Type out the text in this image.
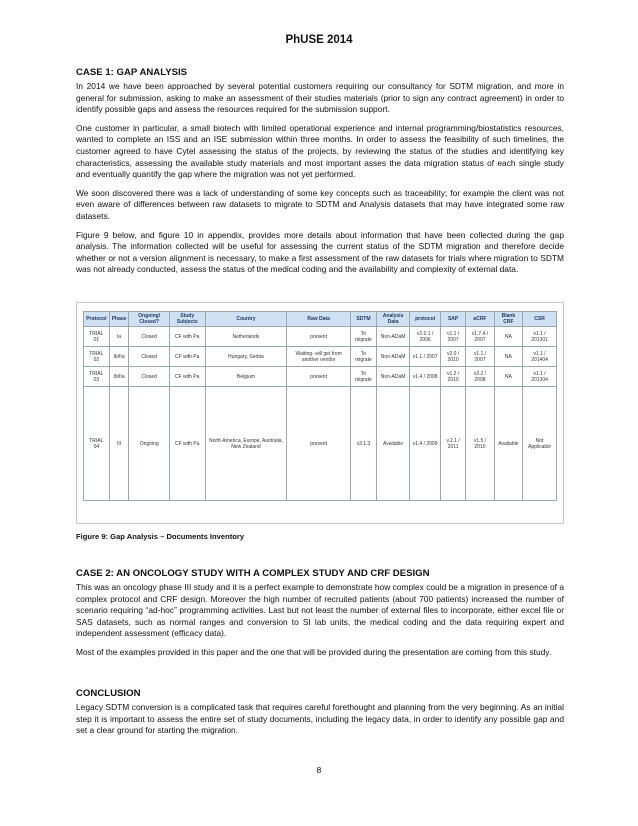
PhUSE 2014
CASE 1: GAP ANALYSIS

In 2014 we have been approached by several potential customers requiring our consultancy for SDTM migration, and more in general for submission, asking to make an assessment of their studies materials (prior to sign any contract agreement) in order to identify possible gaps and assess the resources required for the submission support.

One customer in particular, a small biotech with limited operational experience and internal programming/biostatistics resources, wanted to complete an ISS and an ISE submission within three months. In order to assess the feasibility of such timelines, the customer agreed to have Cytel assessing the status of the projects, by reviewing the status of the studies and identifying key characteristics, assessing the available study materials and most important asses the data migration status of each single study and eventually quantify the gap where the migration was not yet performed.

We soon discovered there was a lack of understanding of some key concepts such as traceability; for example the client was not even aware of differences between raw datasets to migrate to SDTM and Analysis datasets that may have integrated some raw datasets.

Figure 9 below, and figure 10 in appendix, provides more details about information that have been collected during the gap analysis. The information collected will be useful for assessing the current status of the SDTM migration and therefore decide whether or not a version alignment is necessary, to make a first assessment of the raw datasets for trials where migration to SDTM was not already conducted, assess the status of the medical coding and the availability and complexity of external data.

Protocol	Phase	Ongoing/ Closed?	Study Subjects	Country	Raw Data	SDTM	Analysis Data	protocol	SAP	aCRF	Blank CRF	CSR
TRIAL 01	Ia	Closed	CF with Pa	Netherlands	present	To migrate	Non-ADaM	v2.0.1 / 2006	v1.1 / 2007	v1.7.4 / 2007	NA	v1.1 / 201301
TRIAL 02	Ib/IIa	Closed	CF with Pa	Hungary, Serbia	Waiting- will get from another vendor	To migrate	Non-ADaM	v1.1 / 2007	v2.0 / 2010	v1.1 / 2007	NA	v1.1 / 201404
TRIAL 03	Ib/IIa	Closed	CF with Pa	Belgium	present	To migrate	Non-ADaM	v1.4 / 2008	v1.2 / 2010	v2.2 / 2008	NA	v1.1 / 201304
TRIAL 04	III	Ongoing	CF with Pa	North America, Europe, Australia, New Zealand	present	v3.1.3	Available	v1.4 / 2009	v.2.1 / 2011	v1.5 / 2010	Available	Not Applicable
Figure 9: Gap Analysis – Documents Inventory
CASE 2: AN ONCOLOGY STUDY WITH A COMPLEX STUDY AND CRF DESIGN

This was an oncology phase III study and it is a perfect example to demonstrate how complex could be a migration in presence of a complex protocol and CRF design. Moreover the high number of recruited patients (about 700 patients) increased the number of scenario requiring “ad-hoc” programming activities. Last but not least the number of external files to incorporate, either excel file or SAS datasets, such as normal ranges and conversion to SI lab units, the medical coding and the data requiring expert and independent assessment (efficacy data).

Most of the examples provided in this paper and the one that will be provided during the presentation are coming from this study.

CONCLUSION

Legacy SDTM conversion is a complicated task that requires careful forethought and planning from the very beginning. As an initial step it is important to assess the entire set of study documents, including the legacy data, in order to identify any possible gap and set a clear ground for starting the migration.

8
